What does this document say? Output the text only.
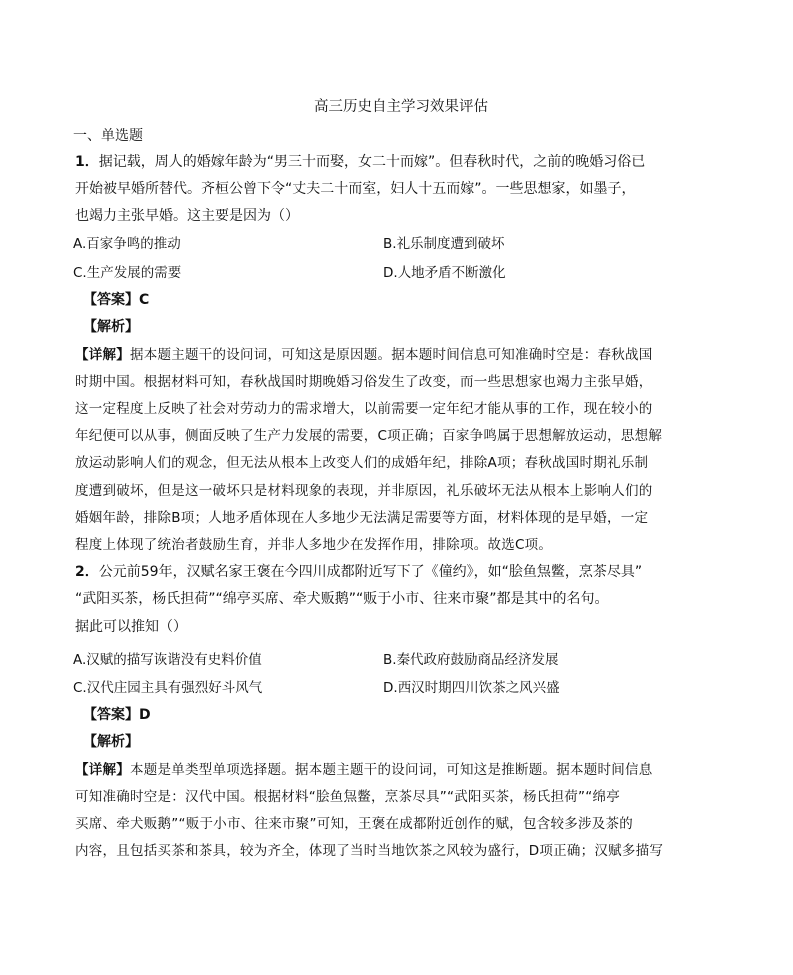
高三历史自主学习效果评估
一、单选题
1．据记载，周人的婚嫁年龄为“男三十而娶，女二十而嫁”。但春秋时代，之前的晚婚习俗已
开始被早婚所替代。齐桓公曾下令“丈夫二十而室，妇人十五而嫁”。一些思想家，如墨子，
也竭力主张早婚。这主要是因为（）
A.百家争鸣的推动	B.礼乐制度遭到破坏
C.生产发展的需要	D.人地矛盾不断激化
【答案】C
【解析】
【详解】据本题主题干的设问词，可知这是原因题。据本题时间信息可知准确时空是：春秋战国
时期中国。根据材料可知，春秋战国时期晚婚习俗发生了改变，而一些思想家也竭力主张早婚，
这一定程度上反映了社会对劳动力的需求增大，以前需要一定年纪才能从事的工作，现在较小的
年纪便可以从事，侧面反映了生产力发展的需要，C项正确；百家争鸣属于思想解放运动，思想解
放运动影响人们的观念，但无法从根本上改变人们的成婚年纪，排除A项；春秋战国时期礼乐制
度遭到破坏，但是这一破坏只是材料现象的表现，并非原因，礼乐破坏无法从根本上影响人们的
婚姻年龄，排除B项；人地矛盾体现在人多地少无法满足需要等方面，材料体现的是早婚，一定
程度上体现了统治者鼓励生育，并非人多地少在发挥作用，排除项。故选C项。
2．公元前59年，汉赋名家王褒在今四川成都附近写下了《僮约》，如“脍鱼炰鳖，烹茶尽具”
“武阳买茶，杨氏担荷”“绵亭买席、牵犬贩鹅”“贩于小市、往来市聚”都是其中的名句。
据此可以推知（）
A.汉赋的描写诙谐没有史料价值	B.秦代政府鼓励商品经济发展
C.汉代庄园主具有强烈好斗风气	D.西汉时期四川饮茶之风兴盛
【答案】D
【解析】
【详解】本题是单类型单项选择题。据本题主题干的设问词，可知这是推断题。据本题时间信息
可知准确时空是：汉代中国。根据材料“脍鱼炰鳖，烹茶尽具”“武阳买茶，杨氏担荷”“绵亭
买席、牵犬贩鹅”“贩于小市、往来市聚”可知，王褒在成都附近创作的赋，包含较多涉及茶的
内容，且包括买茶和茶具，较为齐全，体现了当时当地饮茶之风较为盛行，D项正确；汉赋多描写
